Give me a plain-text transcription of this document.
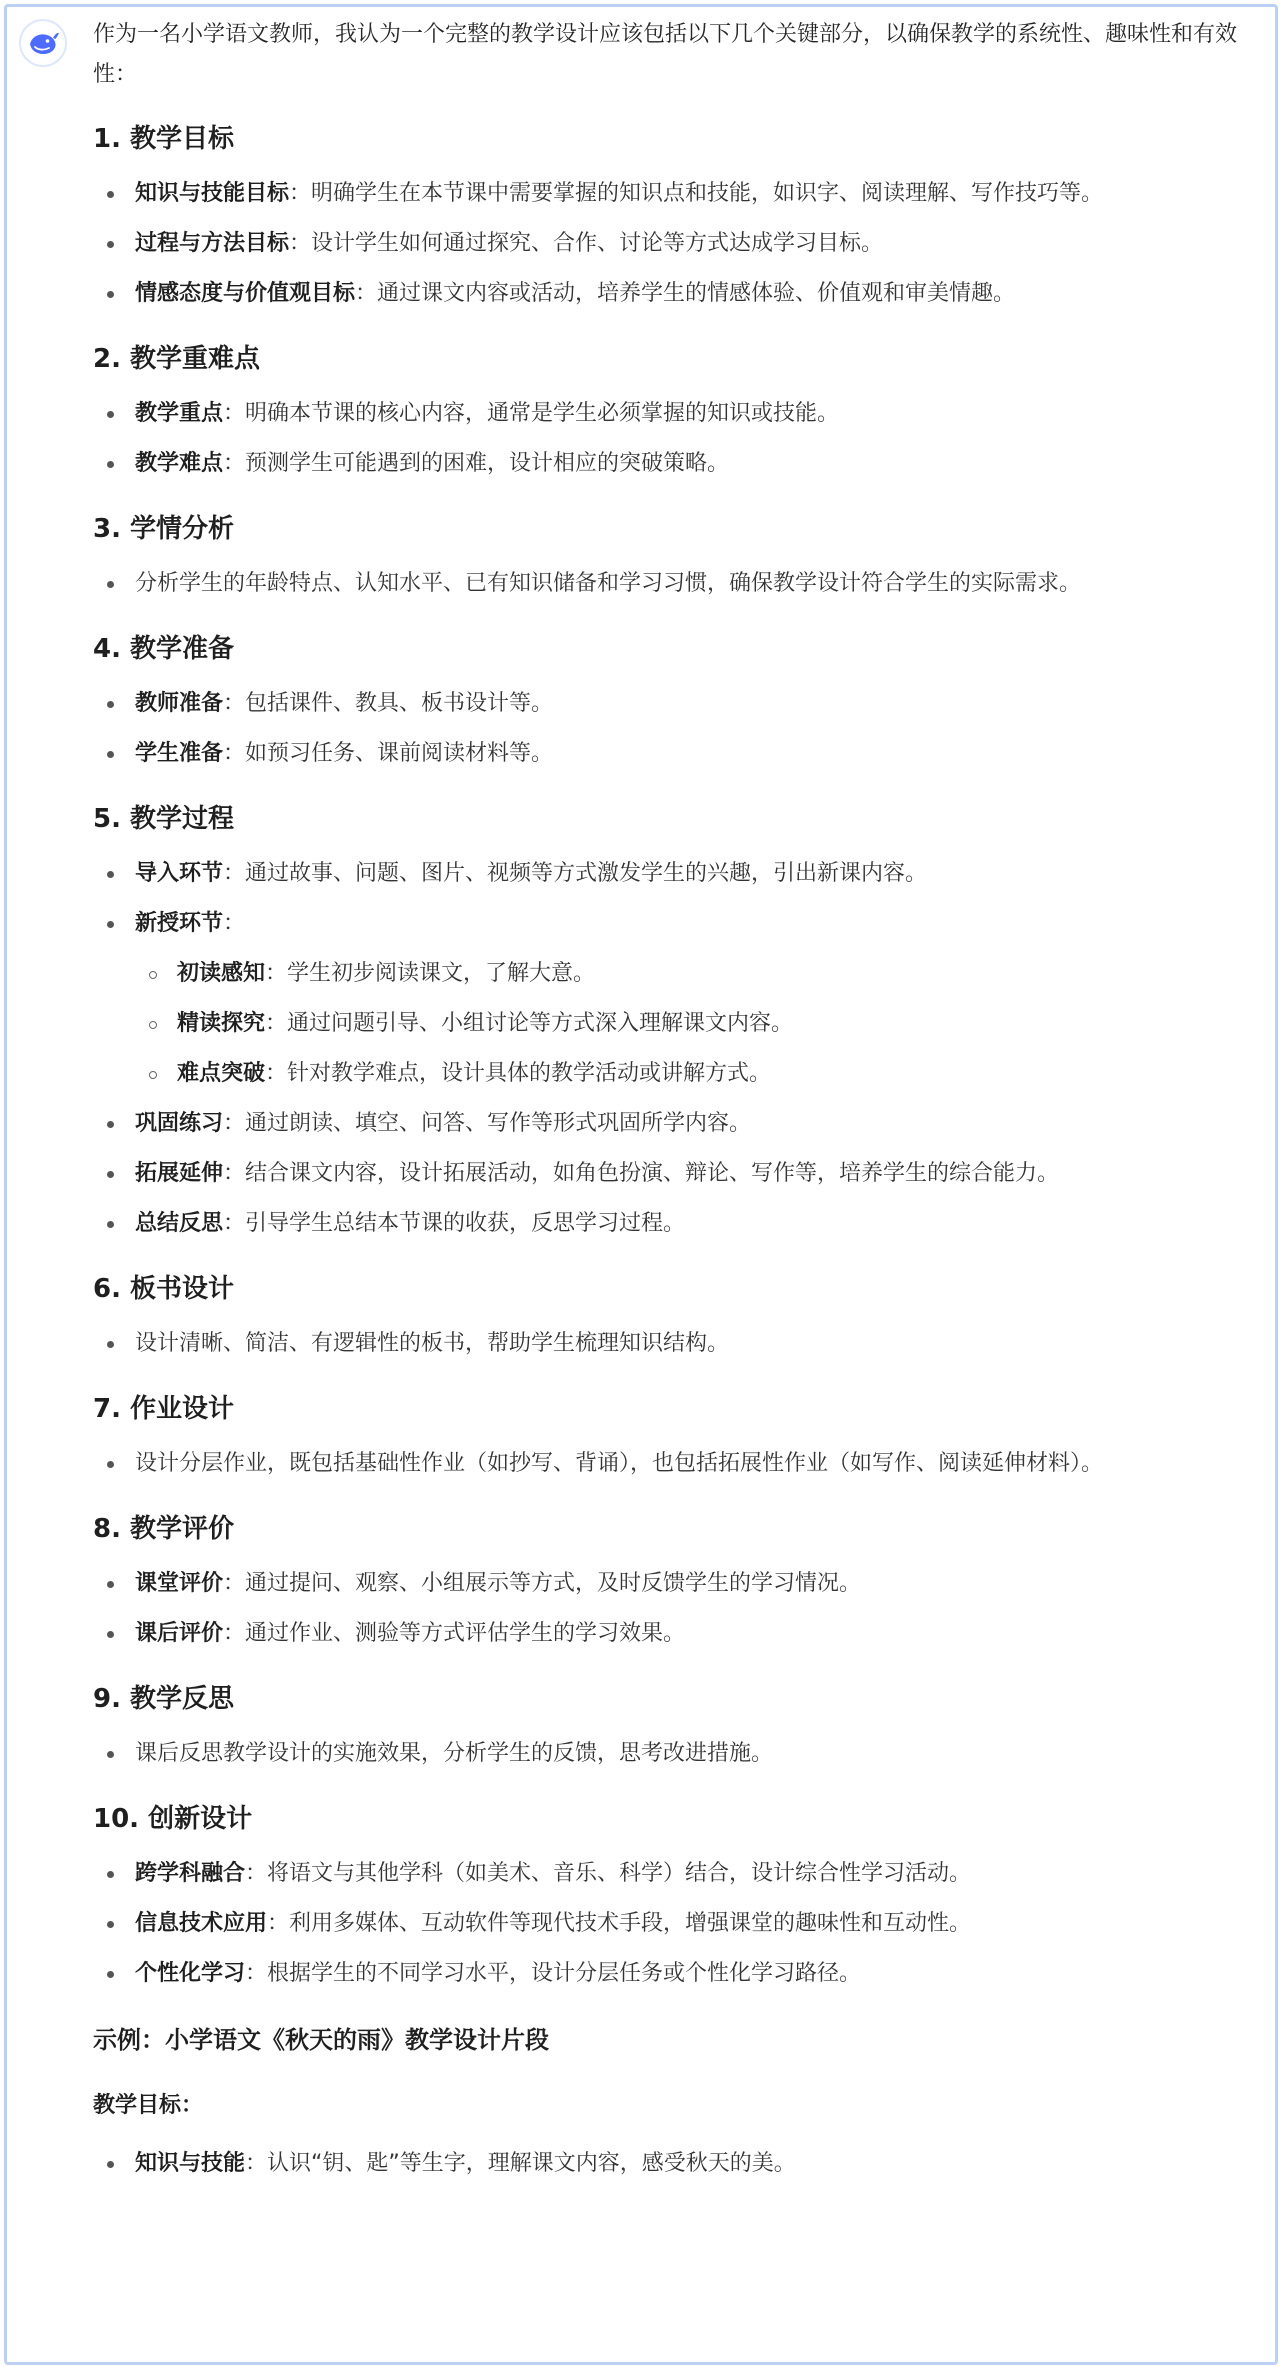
作为一名小学语文教师，我认为一个完整的教学设计应该包括以下几个关键部分，以确保教学的系统性、趣味性和有效性：

1. 教学目标
知识与技能目标：明确学生在本节课中需要掌握的知识点和技能，如识字、阅读理解、写作技巧等。
过程与方法目标：设计学生如何通过探究、合作、讨论等方式达成学习目标。
情感态度与价值观目标：通过课文内容或活动，培养学生的情感体验、价值观和审美情趣。
2. 教学重难点
教学重点：明确本节课的核心内容，通常是学生必须掌握的知识或技能。
教学难点：预测学生可能遇到的困难，设计相应的突破策略。
3. 学情分析
分析学生的年龄特点、认知水平、已有知识储备和学习习惯，确保教学设计符合学生的实际需求。
4. 教学准备
教师准备：包括课件、教具、板书设计等。
学生准备：如预习任务、课前阅读材料等。
5. 教学过程
导入环节：通过故事、问题、图片、视频等方式激发学生的兴趣，引出新课内容。
新授环节：
初读感知：学生初步阅读课文，了解大意。
精读探究：通过问题引导、小组讨论等方式深入理解课文内容。
难点突破：针对教学难点，设计具体的教学活动或讲解方式。
巩固练习：通过朗读、填空、问答、写作等形式巩固所学内容。
拓展延伸：结合课文内容，设计拓展活动，如角色扮演、辩论、写作等，培养学生的综合能力。
总结反思：引导学生总结本节课的收获，反思学习过程。
6. 板书设计
设计清晰、简洁、有逻辑性的板书，帮助学生梳理知识结构。
7. 作业设计
设计分层作业，既包括基础性作业（如抄写、背诵），也包括拓展性作业（如写作、阅读延伸材料）。
8. 教学评价
课堂评价：通过提问、观察、小组展示等方式，及时反馈学生的学习情况。
课后评价：通过作业、测验等方式评估学生的学习效果。
9. 教学反思
课后反思教学设计的实施效果，分析学生的反馈，思考改进措施。
10. 创新设计
跨学科融合：将语文与其他学科（如美术、音乐、科学）结合，设计综合性学习活动。
信息技术应用：利用多媒体、互动软件等现代技术手段，增强课堂的趣味性和互动性。
个性化学习：根据学生的不同学习水平，设计分层任务或个性化学习路径。
示例：小学语文《秋天的雨》教学设计片段
教学目标：
知识与技能：认识“钥、匙”等生字，理解课文内容，感受秋天的美。
